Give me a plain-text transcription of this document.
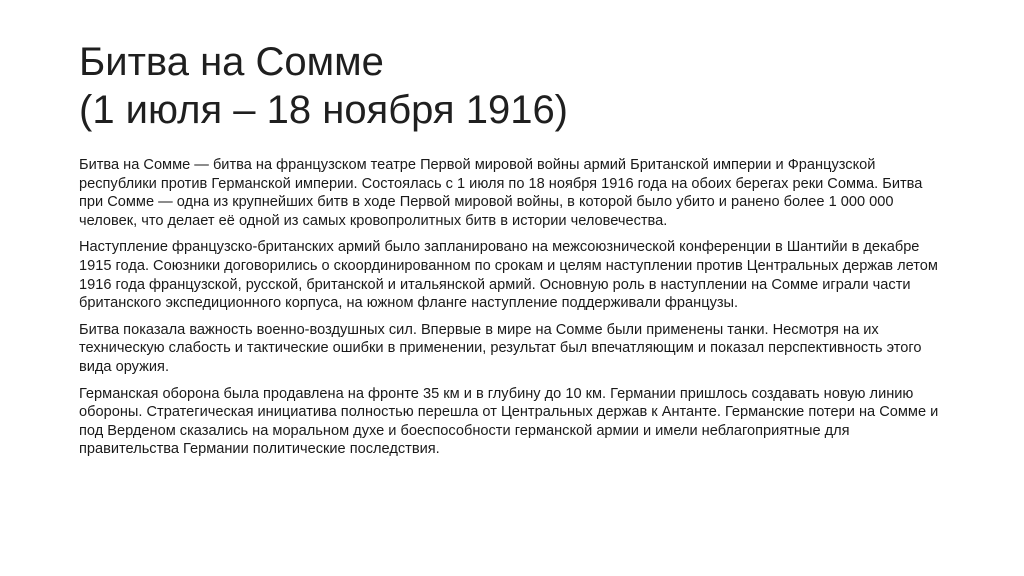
Битва на Сомме
(1 июля – 18 ноября 1916)

Битва на Сомме — битва на французском театре Первой мировой войны армий Британской империи и Французской республики против Германской империи. Состоялась с 1 июля по 18 ноября 1916 года на обоих берегах реки Сомма. Битва при Сомме — одна из крупнейших битв в ходе Первой мировой войны, в которой было убито и ранено более 1 000 000 человек, что делает её одной из самых кровопролитных битв в истории человечества.

Наступление французско-британских армий было запланировано на межсоюзнической конференции в Шантийи в декабре 1915 года. Союзники договорились о скоординированном по срокам и целям наступлении против Центральных держав летом 1916 года французской, русской, британской и итальянской армий. Основную роль в наступлении на Сомме играли части британского экспедиционного корпуса, на южном фланге наступление поддерживали французы.

Битва показала важность военно-воздушных сил. Впервые в мире на Сомме были применены танки. Несмотря на их техническую слабость и тактические ошибки в применении, результат был впечатляющим и показал перспективность этого вида оружия.

Германская оборона была продавлена на фронте 35 км и в глубину до 10 км. Германии пришлось создавать новую линию обороны. Стратегическая инициатива полностью перешла от Центральных держав к Антанте. Германские потери на Сомме и под Верденом сказались на моральном духе и боеспособности германской армии и имели неблагоприятные для правительства Германии политические последствия.
